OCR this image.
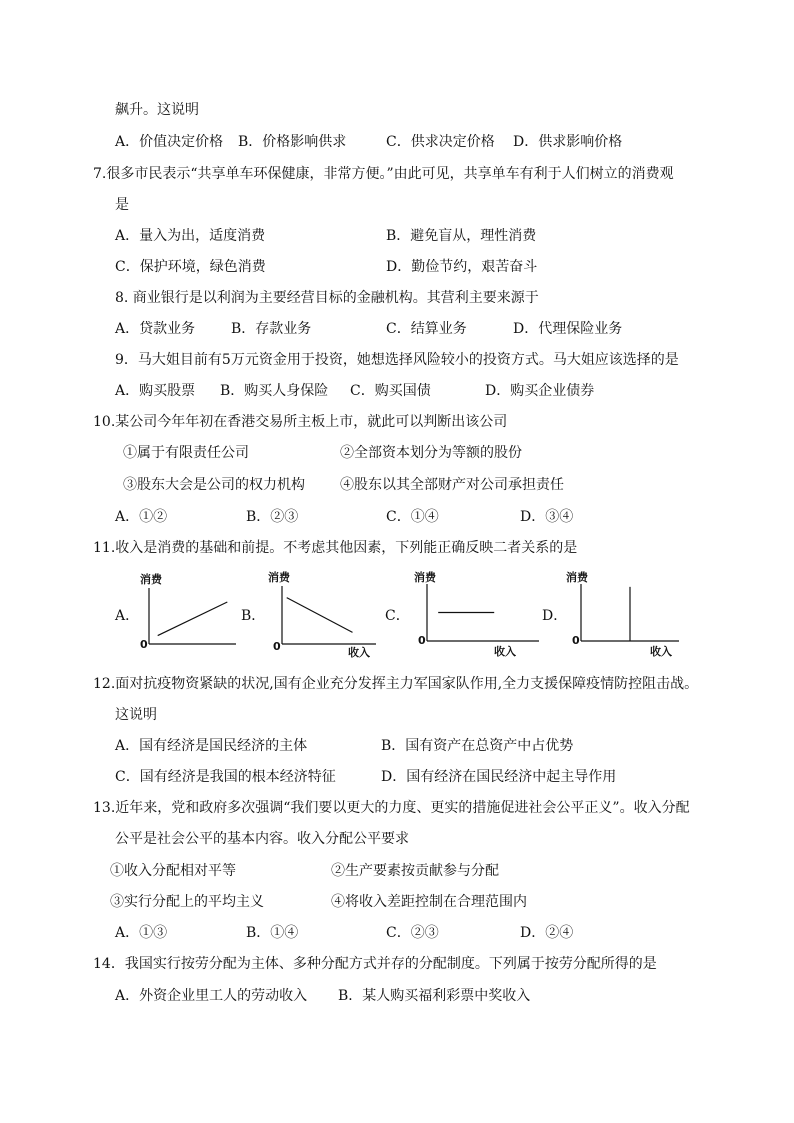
飙升。这说明
A．价值决定价格 B．价格影响供求	C．供求决定价格 D．供求影响价格
7.很多市民表示“共享单车环保健康，非常方便。”由此可见，共享单车有利于人们树立的消费观
是
A．量入为出，适度消费	B．避免盲从，理性消费
C．保护环境，绿色消费	D．勤俭节约，艰苦奋斗
8. 商业银行是以利润为主要经营目标的金融机构。其营利主要来源于
A．贷款业务	B．存款业务	C．结算业务	D．代理保险业务
9．马大姐目前有5万元资金用于投资，她想选择风险较小的投资方式。马大姐应该选择的是
A．购买股票 B．购买人身保险 C．购买国债	D．购买企业债券
10.某公司今年年初在香港交易所主板上市，就此可以判断出该公司
①属于有限责任公司	②全部资本划分为等额的股份
③股东大会是公司的权力机构	④股东以其全部财产对公司承担责任
A．①②	B．②③	C．①④	D．③④
11.收入是消费的基础和前提。不考虑其他因素，下列能正确反映二者关系的是
A．	B．	C．	D．
消费
0
消费
0	收入
消费
0
收入
消费
0
收入
12.面对抗疫物资紧缺的状况,国有企业充分发挥主力军国家队作用,全力支援保障疫情防控阻击战。
这说明
A．国有经济是国民经济的主体	B．国有资产在总资产中占优势
C．国有经济是我国的根本经济特征	D．国有经济在国民经济中起主导作用
13.近年来，党和政府多次强调“我们要以更大的力度、更实的措施促进社会公平正义”。收入分配
公平是社会公平的基本内容。收入分配公平要求
①收入分配相对平等	②生产要素按贡献参与分配
③实行分配上的平均主义	④将收入差距控制在合理范围内
A．①③	B．①④	C．②③	D．②④
14．我国实行按劳分配为主体、多种分配方式并存的分配制度。下列属于按劳分配所得的是
A．外资企业里工人的劳动收入 B．某人购买福利彩票中奖收入
